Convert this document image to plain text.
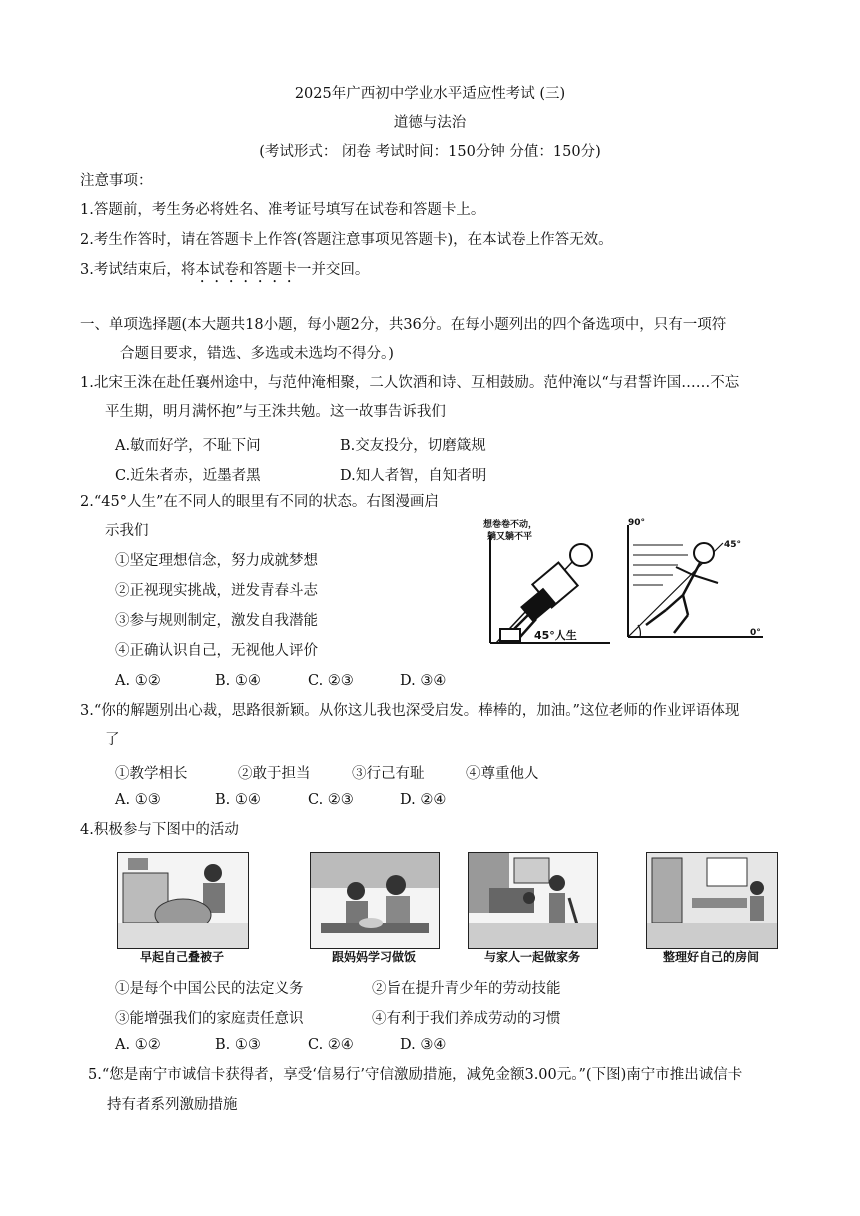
2025年广西初中学业水平适应性考试 (三)
道德与法治
(考试形式： 闭卷 考试时间：150分钟 分值：150分)
注意事项：
1.答题前，考生务必将姓名、准考证号填写在试卷和答题卡上。
2.考生作答时，请在答题卡上作答(答题注意事项见答题卡)，在本试卷上作答无效。
3.考试结束后，将本试卷和答题卡一并交回。
一、单项选择题(本大题共18小题，每小题2分，共36分。在每小题列出的四个备选项中，只有一项符
合题目要求，错选、多选或未选均不得分。)
1.北宋王洙在赴任襄州途中，与范仲淹相聚，二人饮酒和诗、互相鼓励。范仲淹以“与君誓许国……不忘
平生期，明月满怀抱”与王洙共勉。这一故事告诉我们
A.敏而好学，不耻下问	B.交友投分，切磨箴规
C.近朱者赤，近墨者黑	D.知人者智，自知者明
2.“45°人生”在不同人的眼里有不同的状态。右图漫画启
示我们
①坚定理想信念，努力成就梦想
②正视现实挑战，迸发青春斗志
③参与规则制定，激发自我潜能
④正确认识自己，无视他人评价
A. ①②	B. ①④	C. ②③	D. ③④
想卷卷不动，
躺又躺不平
45°人生
90°
45°
0°
3.“你的解题别出心裁，思路很新颖。从你这儿我也深受启发。棒棒的，加油。”这位老师的作业评语体现
了
①教学相长	②敢于担当	③行己有耻	④尊重他人
A. ①③	B. ①④	C. ②③	D. ②④
4.积极参与下图中的活动
早起自己叠被子	跟妈妈学习做饭	与家人一起做家务	整理好自己的房间
①是每个中国公民的法定义务	②旨在提升青少年的劳动技能
③能增强我们的家庭责任意识	④有利于我们养成劳动的习惯
A. ①②	B. ①③	C. ②④	D. ③④
5.“您是南宁市诚信卡获得者，享受‘信易行’守信激励措施，减免金额3.00元。”(下图)南宁市推出诚信卡
持有者系列激励措施
